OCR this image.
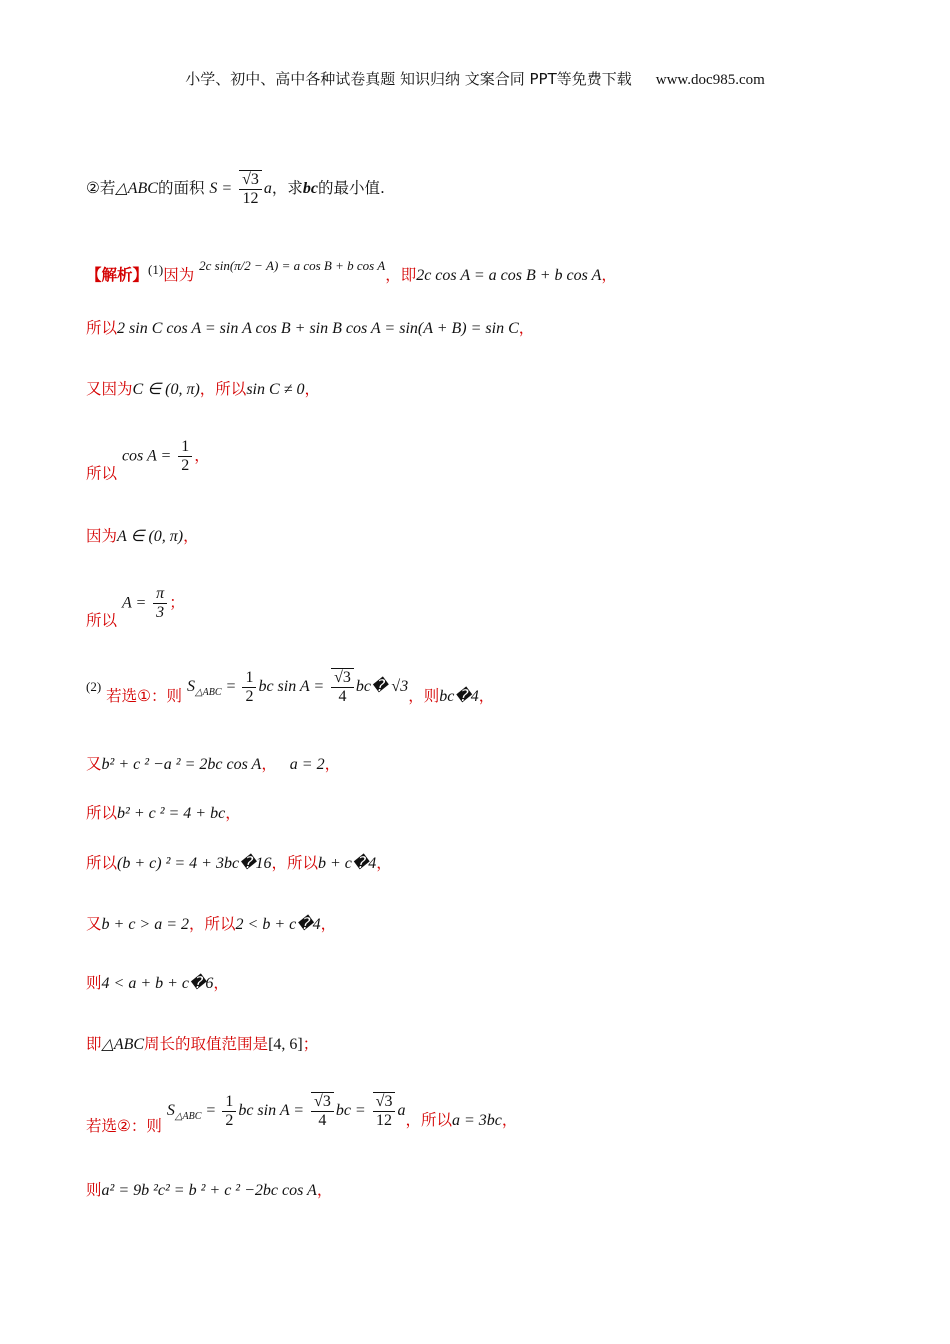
小学、初中、高中各种试卷真题 知识归纳 文案合同 PPT等免费下载 www.doc985.com
②若△ABC的面积 $S = \frac{√3}{12}$ a，求bc的最小值.
【解析】$^{(1)}$因为 $^{2c sin(\pi/2 - A) = a cos B + b cos A}$，即2c cos A = a cos B + b cos A，
所以2 sin C cos A = sin A cos B + sin B cos A = sin(A + B) = sin C，
又因为C ∈ (0, π)，所以sin C ≠ 0，
所以 $\cos A = \frac{1}{2}$ ，
因为A ∈ (0, π)，
所以 $A = \frac{\pi}{3}$ ；
(2) 若选①：则 $S_{\triangle ABC} = \frac{1}{2}$ bc $\sin A = \frac{√3}{4}$ bc� √3，则bc�4，
又b² + c ² −a ² = 2bc cos A， a = 2，
所以b² + c ² = 4 + bc，
所以(b + c) ² = 4 + 3bc�16，所以b + c�4，
又b + c > a = 2，所以2 < b + c�4，
则4 < a + b + c�6，
即△ABC周长的取值范围是[4, 6]；
若选②：则 $S_{\triangle ABC} = \frac{1}{2}$ bc $\sin A = \frac{√3}{4}$ bc = $\frac{√3}{12}$ a，所以a = 3bc，
则a² = 9b ²c² = b ² + c ² −2bc cos A，
